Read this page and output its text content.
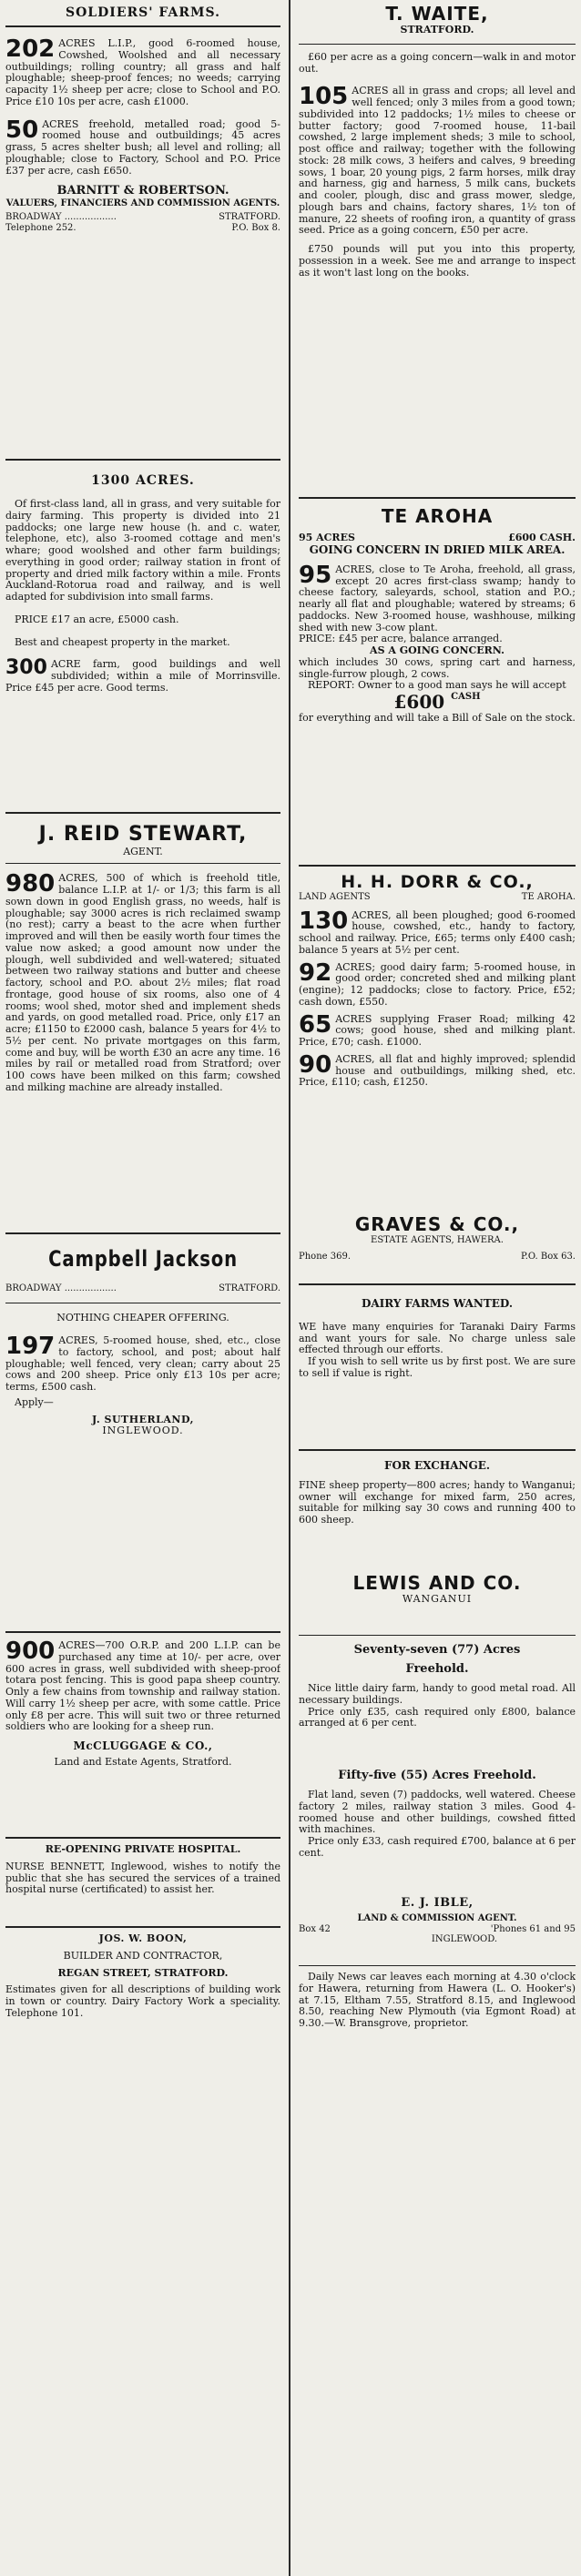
SOLDIERS' FARMS.

202 ACRES L.I.P., good 6-roomed house, Cowshed, Woolshed and all necessary outbuildings; rolling country; all grass and half ploughable; sheep-proof fences; no weeds; carrying capacity 1½ sheep per acre; close to School and P.O. Price £10 10s per acre, cash £1000.

50 ACRES freehold, metalled road; good 5-roomed house and outbuildings; 45 acres grass, 5 acres shelter bush; all level and rolling; all ploughable; close to Factory, School and P.O. Price £37 per acre, cash £650.

BARNITT & ROBERTSON.
VALUERS, FINANCIERS AND COMMISSION AGENTS.
BROADWAY ..................	STRATFORD.
Telephone 252.	P.O. Box 8.
1300 ACRES.

Of first-class land, all in grass, and very suitable for dairy farming. This property is divided into 21 paddocks; one large new house (h. and c. water, telephone, etc), also 3-roomed cottage and men's whare; good woolshed and other farm buildings; everything in good order; railway station in front of property and dried milk factory within a mile. Fronts Auckland-Rotorua road and railway, and is well adapted for subdivision into small farms.

PRICE £17 an acre, £5000 cash.

Best and cheapest property in the market.

300 ACRE farm, good buildings and well subdivided; within a mile of Morrinsville. Price £45 per acre. Good terms.

J. REID STEWART,
AGENT.

980 ACRES, 500 of which is freehold title, balance L.I.P. at 1/- or 1/3; this farm is all sown down in good English grass, no weeds, half is ploughable; say 3000 acres is rich reclaimed swamp (no rest); carry a beast to the acre when further improved and will then be easily worth four times the value now asked; a good amount now under the plough, well subdivided and well-watered; situated between two railway stations and butter and cheese factory, school and P.O. about 2½ miles; flat road frontage, good house of six rooms, also one of 4 rooms; wool shed, motor shed and implement sheds and yards, on good metalled road. Price, only £17 an acre; £1150 to £2000 cash, balance 5 years for 4½ to 5½ per cent. No private mortgages on this farm, come and buy, will be worth £30 an acre any time. 16 miles by rail or metalled road from Stratford; over 100 cows have been milked on this farm; cowshed and milking machine are already installed.

Campbell Jackson
BROADWAY ..................	STRATFORD.
NOTHING CHEAPER OFFERING.

197 ACRES, 5-roomed house, shed, etc., close to factory, school, and post; about half ploughable; well fenced, very clean; carry about 25 cows and 200 sheep. Price only £13 10s per acre; terms, £500 cash.

Apply—

J. SUTHERLAND,
INGLEWOOD.

900 ACRES—700 O.R.P. and 200 L.I.P. can be purchased any time at 10/- per acre, over 600 acres in grass, well subdivided with sheep-proof totara post fencing. This is good papa sheep country. Only a few chains from township and railway station. Will carry 1½ sheep per acre, with some cattle. Price only £8 per acre. This will suit two or three returned soldiers who are looking for a sheep run.

McCLUGGAGE & CO.,
Land and Estate Agents, Stratford.
RE-OPENING PRIVATE HOSPITAL.

NURSE BENNETT, Inglewood, wishes to notify the public that she has secured the services of a trained hospital nurse (certificated) to assist her.

JOS. W. BOON,
BUILDER AND CONTRACTOR,
REGAN STREET, STRATFORD.

Estimates given for all descriptions of building work in town or country. Dairy Factory Work a speciality. Telephone 101.

T. WAITE,
STRATFORD.

£60 per acre as a going concern—walk in and motor out.

105 ACRES all in grass and crops; all level and well fenced; only 3 miles from a good town; subdivided into 12 paddocks; 1½ miles to cheese or butter factory; good 7-roomed house, 11-bail cowshed, 2 large implement sheds; 3 mile to school, post office and railway; together with the following stock: 28 milk cows, 3 heifers and calves, 9 breeding sows, 1 boar, 20 young pigs, 2 farm horses, milk dray and harness, gig and harness, 5 milk cans, buckets and cooler, plough, disc and grass mower, sledge, plough bars and chains, factory shares, 1½ ton of manure, 22 sheets of roofing iron, a quantity of grass seed. Price as a going concern, £50 per acre.

£750 pounds will put you into this property, possession in a week. See me and arrange to inspect as it won't last long on the books.

TE AROHA
95 ACRES	£600 CASH.
GOING CONCERN IN DRIED MILK AREA.

95 ACRES, close to Te Aroha, freehold, all grass, except 20 acres first-class swamp; handy to cheese factory, saleyards, school, station and P.O.; nearly all flat and ploughable; watered by streams; 6 paddocks. New 3-roomed house, washhouse, milking shed with new 3-cow plant.

PRICE: £45 per acre, balance arranged.

AS A GOING CONCERN.

which includes 30 cows, spring cart and harness, single-furrow plough, 2 cows.

REPORT: Owner to a good man says he will accept

£600 $^{CASH}$

for everything and will take a Bill of Sale on the stock.

H. H. DORR & CO.,
LAND AGENTS	TE AROHA.

130 ACRES, all been ploughed; good 6-roomed house, cowshed, etc., handy to factory, school and railway. Price, £65; terms only £400 cash; balance 5 years at 5½ per cent.

92 ACRES; good dairy farm; 5-roomed house, in good order; concreted shed and milking plant (engine); 12 paddocks; close to factory. Price, £52; cash down, £550.

65 ACRES supplying Fraser Road; milking 42 cows; good house, shed and milking plant. Price, £70; cash. £1000.

90 ACRES, all flat and highly improved; splendid house and outbuildings, milking shed, etc. Price, £110; cash, £1250.

GRAVES & CO.,
ESTATE AGENTS, HAWERA.
Phone 369.	P.O. Box 63.
DAIRY FARMS WANTED.

WE have many enquiries for Taranaki Dairy Farms and want yours for sale. No charge unless sale effected through our efforts.

If you wish to sell write us by first post. We are sure to sell if value is right.

FOR EXCHANGE.

FINE sheep property—800 acres; handy to Wanganui; owner will exchange for mixed farm, 250 acres, suitable for milking say 30 cows and running 400 to 600 sheep.

LEWIS AND CO.
WANGANUI
Seventy-seven (77) Acres
Freehold.

Nice little dairy farm, handy to good metal road. All necessary buildings.

Price only £35, cash required only £800, balance arranged at 6 per cent.

Fifty-five (55) Acres Freehold.

Flat land, seven (7) paddocks, well watered. Cheese factory 2 miles, railway station 3 miles. Good 4-roomed house and other buildings, cowshed fitted with machines.

Price only £33, cash required £700, balance at 6 per cent.

E. J. IBLE,
LAND & COMMISSION AGENT.
Box 42	'Phones 61 and 95
INGLEWOOD.

Daily News car leaves each morning at 4.30 o'clock for Hawera, returning from Hawera (L. O. Hooker's) at 7.15, Eltham 7.55, Stratford 8.15, and Inglewood 8.50, reaching New Plymouth (via Egmont Road) at 9.30.—W. Bransgrove, proprietor.
